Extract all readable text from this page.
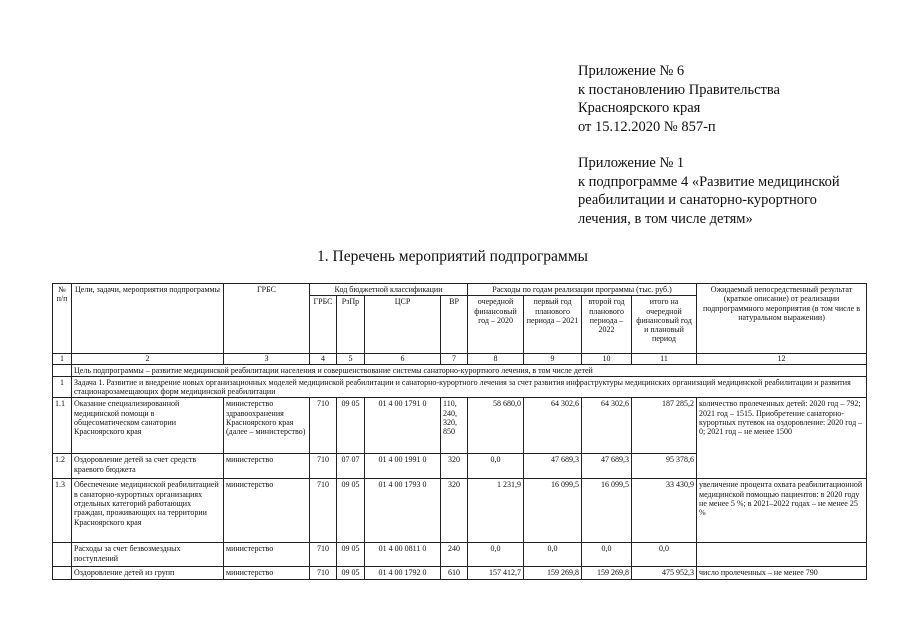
Приложение № 6
к постановлению Правительства
Красноярского края
от 15.12.2020 № 857-п
Приложение № 1
к подпрограмме 4 «Развитие медицинской
реабилитации и санаторно-курортного
лечения, в том числе детям»
1. Перечень мероприятий подпрограммы
№ п/п	Цели, задачи, мероприятия подпрограммы	ГРБС	Код бюджетной классификации				Расходы по годам реализации программы (тыс. руб.)				Ожидаемый непосредственный результат (краткое описание) от реализации подпрограммного мероприятия (в том числе в натуральном выражении)
			ГРБС	РзПр	ЦСР	ВР	очередной финансовый год – 2020	первый год планового периода – 2021	второй год планового периода – 2022	итого на очередной финансовый год и плановый период	
1	2	3	4	5	6	7	8	9	10	11	12
	Цель подпрограммы – развитие медицинской реабилитации населения и совершенствование системы санаторно-курортного лечения, в том числе детей										
1	Задача 1. Развитие и внедрение новых организационных моделей медицинской реабилитации и санаторно-курортного лечения за счет развития инфраструктуры медицинских организаций медицинской реабилитации и развития стационарозамещающих форм медицинской реабилитации										
1.1	Оказание специализированной медицинской помощи в общесоматическом санатории Красноярского края	министерство здравоохранения Красноярского края (далее – министерство)	710	09 05	01 4 00 1791 0	110, 240, 320, 850	58 680,0	64 302,6	64 302,6	187 285,2	количество пролеченных детей: 2020 год – 792; 2021 год – 1515. Приобретение санаторно-курортных путевок на оздоровление: 2020 год – 0; 2021 год – не менее 1500
1.2	Оздоровление детей за счет средств краевого бюджета	министерство	710	07 07	01 4 00 1991 0	320	0,0	47 689,3	47 689,3	95 378,6	
1.3	Обеспечение медицинской реабилитацией в санаторно-курортных организациях отдельных категорий работающих граждан, проживающих на территории Красноярского края	министерство	710	09 05	01 4 00 1793 0	320	1 231,9	16 099,5	16 099,5	33 430,9	увеличение процента охвата реабилитационной медицинской помощью пациентов: в 2020 году не менее 5 %; в 2021–2022 годах – не менее 25 %
	Расходы за счет безвозмездных поступлений	министерство	710	09 05	01 4 00 0811 0	240	0,0	0,0	0,0	0,0	
	Оздоровление детей из групп	министерство	710	09 05	01 4 00 1792 0	610	157 412,7	159 269,8	159 269,8	475 952,3	число пролеченных – не менее 790
